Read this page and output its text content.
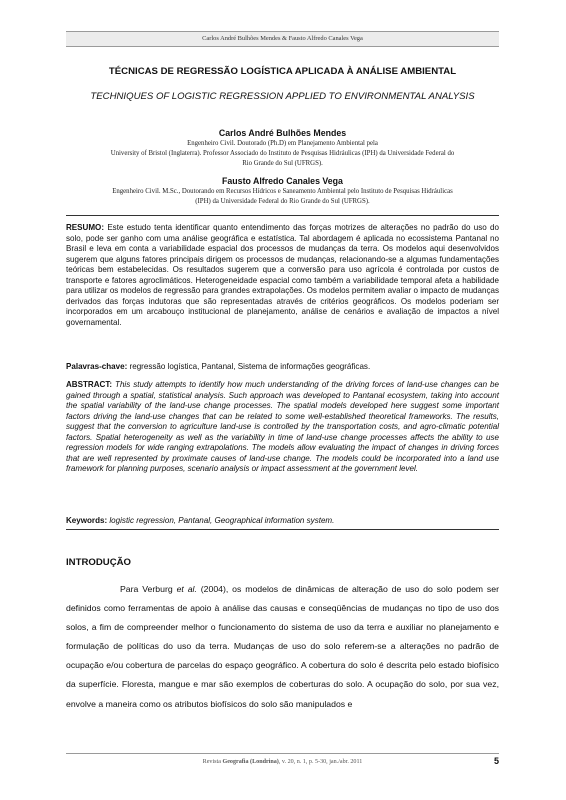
Carlos André Bulhões Mendes & Fausto Alfredo Canales Vega
TÉCNICAS DE REGRESSÃO LOGÍSTICA APLICADA À ANÁLISE AMBIENTAL
TECHNIQUES OF LOGISTIC REGRESSION APPLIED TO ENVIRONMENTAL ANALYSIS
Carlos André Bulhões Mendes
Engenheiro Civil. Doutorado (Ph.D) em Planejamento Ambiental pela
University of Bristol (Inglaterra). Professor Associado do Instituto de Pesquisas Hidráulicas (IPH) da Universidade Federal do
Rio Grande do Sul (UFRGS).
Fausto Alfredo Canales Vega
Engenheiro Civil. M.Sc., Doutorando em Recursos Hídricos e Saneamento Ambiental pelo Instituto de Pesquisas Hidráulicas
(IPH) da Universidade Federal do Rio Grande do Sul (UFRGS).
RESUMO: Este estudo tenta identificar quanto entendimento das forças motrizes de alterações no padrão do uso do solo, pode ser ganho com uma análise geográfica e estatística. Tal abordagem é aplicada no ecossistema Pantanal no Brasil e leva em conta a variabilidade espacial dos processos de mudanças da terra. Os modelos aqui desenvolvidos sugerem que alguns fatores principais dirigem os processos de mudanças, relacionando-se a algumas fundamentações teóricas bem estabelecidas. Os resultados sugerem que a conversão para uso agrícola é controlada por custos de transporte e fatores agroclimáticos. Heterogeneidade espacial como também a variabilidade temporal afeta a habilidade para utilizar os modelos de regressão para grandes extrapolações. Os modelos permitem avaliar o impacto de mudanças derivados das forças indutoras que são representadas através de critérios geográficos. Os modelos poderiam ser incorporados em um arcabouço institucional de planejamento, análise de cenários e avaliação de impactos a nível governamental.
Palavras-chave: regressão logística, Pantanal, Sistema de informações geográficas.
ABSTRACT: This study attempts to identify how much understanding of the driving forces of land-use changes can be gained through a spatial, statistical analysis. Such approach was developed to Pantanal ecosystem, taking into account the spatial variability of the land-use change processes. The spatial models developed here suggest some important factors driving the land-use changes that can be related to some well-established theoretical frameworks. The results, suggest that the conversion to agriculture land-use is controlled by the transportation costs, and agro-climatic potential factors. Spatial heterogeneity as well as the variability in time of land-use change processes affects the ability to use regression models for wide ranging extrapolations. The models allow evaluating the impact of changes in driving forces that are well represented by proximate causes of land-use change. The models could be incorporated into a land use framework for planning purposes, scenario analysis or impact assessment at the government level.
Keywords: logistic regression, Pantanal, Geographical information system.
INTRODUÇÃO
Para Verburg et al. (2004), os modelos de dinâmicas de alteração de uso do solo podem ser definidos como ferramentas de apoio à análise das causas e conseqüências de mudanças no tipo de uso dos solos, a fim de compreender melhor o funcionamento do sistema de uso da terra e auxiliar no planejamento e formulação de políticas do uso da terra. Mudanças de uso do solo referem-se a alterações no padrão de ocupação e/ou cobertura de parcelas do espaço geográfico. A cobertura do solo é descrita pelo estado biofísico da superfície. Floresta, mangue e mar são exemplos de coberturas do solo. A ocupação do solo, por sua vez, envolve a maneira como os atributos biofísicos do solo são manipulados e
Revista Geografia (Londrina), v. 20, n. 1, p. 5-30, jan./abr. 2011	5
